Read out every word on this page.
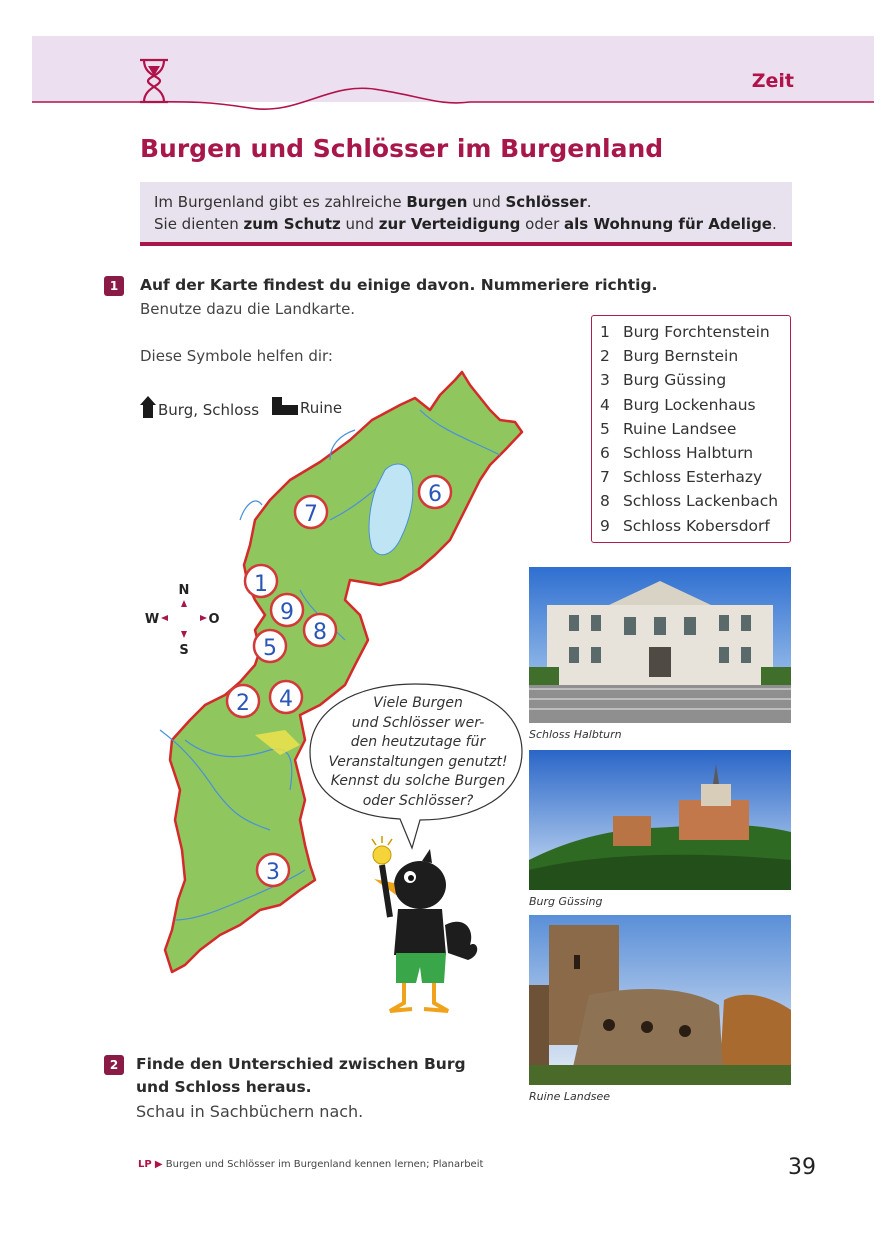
Zeit
Burgen und Schlösser im Burgenland
Im Burgenland gibt es zahlreiche Burgen und Schlösser.
Sie dienten zum Schutz und zur Verteidigung oder als Wohnung für Adelige.
1	Auf der Karte findest du einige davon. Nummeriere richtig.
Benutze dazu die Landkarte.
Diese Symbole helfen dir:
Burg, Schloss	Ruine
1 Burg Forchtenstein
2 Burg Bernstein
3 Burg Güssing
4 Burg Lockenhaus
5 Ruine Landsee
6 Schloss Halbturn
7 Schloss Esterhazy
8 Schloss Lackenbach
9 Schloss Kobersdorf
1
2
3
4
5
6
7
8
9
N
S
W	O
Viele Burgen
und Schlösser wer-
den heutzutage für
Veranstaltungen genutzt!
Kennst du solche Burgen
oder Schlösser?
Schloss Halbturn
Burg Güssing
Ruine Landsee
2	Finde den Unterschied zwischen Burg
und Schloss heraus.
Schau in Sachbüchern nach.
LP ▶ Burgen und Schlösser im Burgenland kennen lernen; Planarbeit	39
